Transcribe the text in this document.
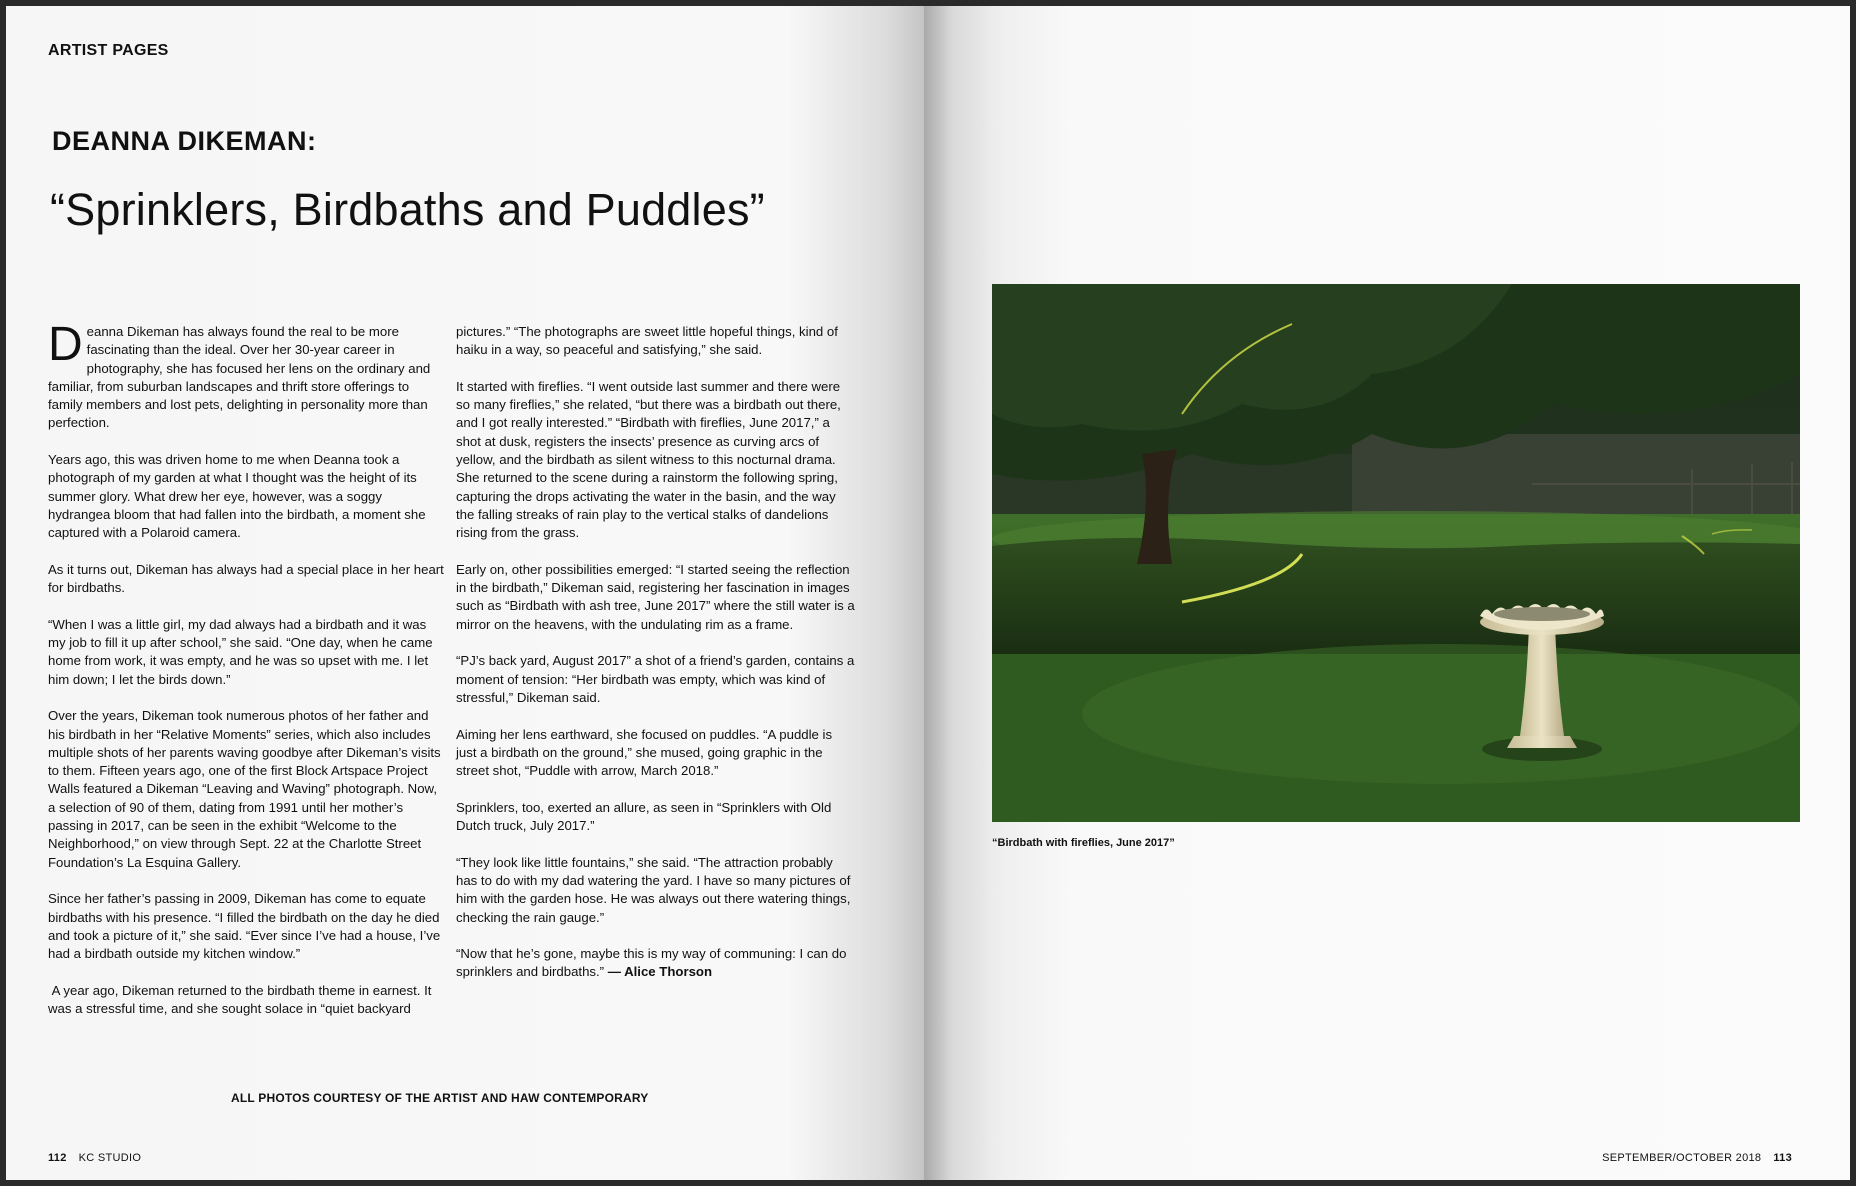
ARTIST PAGES
DEANNA DIKEMAN:
“Sprinklers, Birdbaths and Puddles”

Deanna Dikeman has always found the real to be more fascinating than the ideal. Over her 30-year career in photography, she has focused her lens on the ordinary and familiar, from suburban landscapes and thrift store offerings to family members and lost pets, delighting in personality more than perfection.

Years ago, this was driven home to me when Deanna took a photograph of my garden at what I thought was the height of its summer glory. What drew her eye, however, was a soggy hydrangea bloom that had fallen into the birdbath, a moment she captured with a Polaroid camera.

As it turns out, Dikeman has always had a special place in her heart for birdbaths.

“When I was a little girl, my dad always had a birdbath and it was my job to fill it up after school,” she said. “One day, when he came home from work, it was empty, and he was so upset with me. I let him down; I let the birds down.”

Over the years, Dikeman took numerous photos of her father and his birdbath in her “Relative Moments” series, which also includes multiple shots of her parents waving goodbye after Dikeman’s visits to them. Fifteen years ago, one of the first Block Artspace Project Walls featured a Dikeman “Leaving and Waving” photograph. Now, a selection of 90 of them, dating from 1991 until her mother’s passing in 2017, can be seen in the exhibit “Welcome to the Neighborhood,” on view through Sept. 22 at the Charlotte Street Foundation’s La Esquina Gallery.

Since her father’s passing in 2009, Dikeman has come to equate birdbaths with his presence. “I filled the birdbath on the day he died and took a picture of it,” she said. “Ever since I’ve had a house, I’ve had a birdbath outside my kitchen window.”

A year ago, Dikeman returned to the birdbath theme in earnest. It was a stressful time, and she sought solace in “quiet backyard

pictures.” “The photographs are sweet little hopeful things, kind of haiku in a way, so peaceful and satisfying,” she said.

It started with fireflies. “I went outside last summer and there were so many fireflies,” she related, “but there was a birdbath out there, and I got really interested.” “Birdbath with fireflies, June 2017,” a shot at dusk, registers the insects’ presence as curving arcs of yellow, and the birdbath as silent witness to this nocturnal drama. She returned to the scene during a rainstorm the following spring, capturing the drops activating the water in the basin, and the way the falling streaks of rain play to the vertical stalks of dandelions rising from the grass.

Early on, other possibilities emerged: “I started seeing the reflection in the birdbath,” Dikeman said, registering her fascination in images such as “Birdbath with ash tree, June 2017” where the still water is a mirror on the heavens, with the undulating rim as a frame.

“PJ’s back yard, August 2017” a shot of a friend’s garden, contains a moment of tension: “Her birdbath was empty, which was kind of stressful,” Dikeman said.

Aiming her lens earthward, she focused on puddles. “A puddle is just a birdbath on the ground,” she mused, going graphic in the street shot, “Puddle with arrow, March 2018.”

Sprinklers, too, exerted an allure, as seen in “Sprinklers with Old Dutch truck, July 2017.”

“They look like little fountains,” she said. “The attraction probably has to do with my dad watering the yard. I have so many pictures of him with the garden hose. He was always out there watering things, checking the rain gauge.”

“Now that he’s gone, maybe this is my way of communing: I can do sprinklers and birdbaths.” — Alice Thorson

ALL PHOTOS COURTESY OF THE ARTIST AND HAW CONTEMPORARY
112 KC STUDIO
“Birdbath with fireflies, June 2017”
SEPTEMBER/OCTOBER 2018 113
